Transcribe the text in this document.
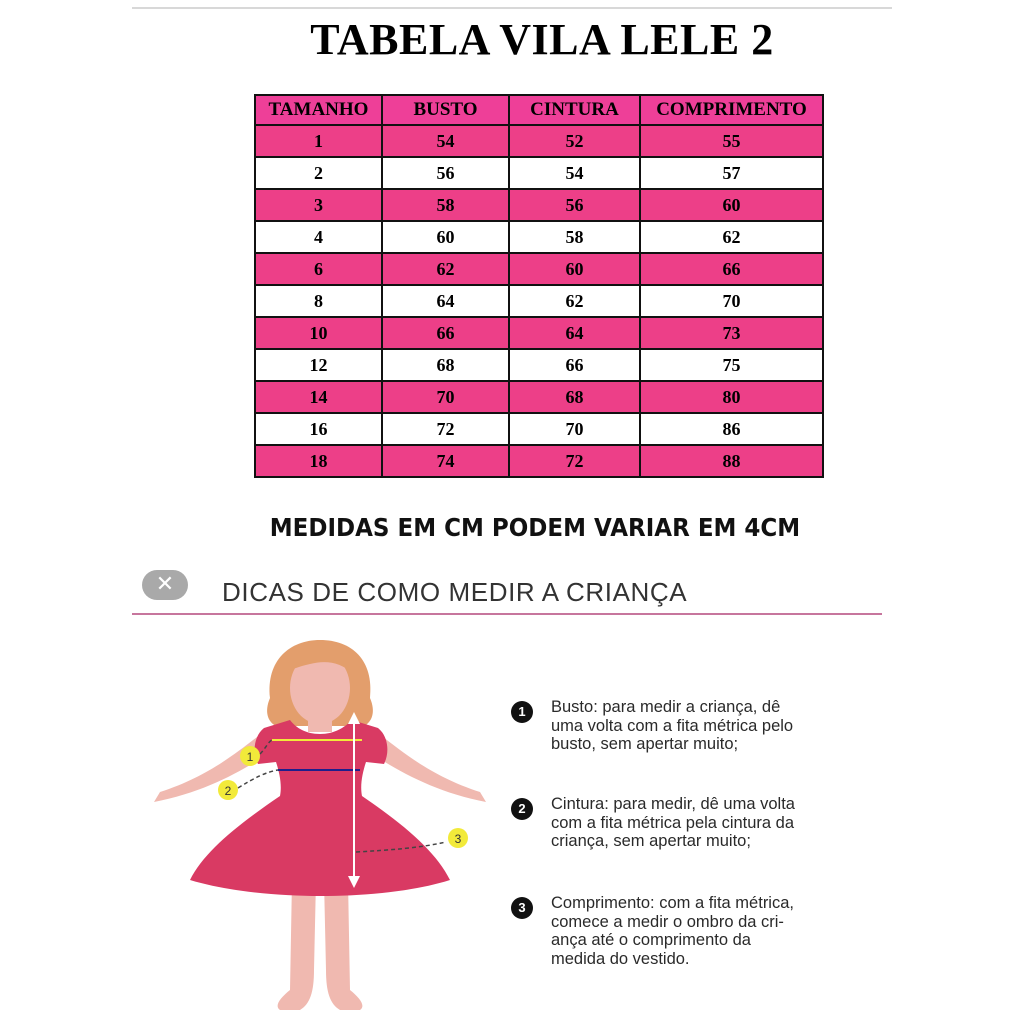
TABELA VILA LELE 2
TAMANHO	BUSTO	CINTURA	COMPRIMENTO
1	54	52	55
2	56	54	57
3	58	56	60
4	60	58	62
6	62	60	66
8	64	62	70
10	66	64	73
12	68	66	75
14	70	68	80
16	72	70	86
18	74	72	88
MEDIDAS EM CM PODEM VARIAR EM 4CM
✕	DICAS DE COMO MEDIR A CRIANÇA
1
2
3
1	Busto: para medir a criança, dê
uma volta com a fita métrica pelo
busto, sem apertar muito;
2	Cintura: para medir, dê uma volta
com a fita métrica pela cintura da
criança, sem apertar muito;
3	Comprimento: com a fita métrica,
comece a medir o ombro da cri-
ança até o comprimento da
medida do vestido.
